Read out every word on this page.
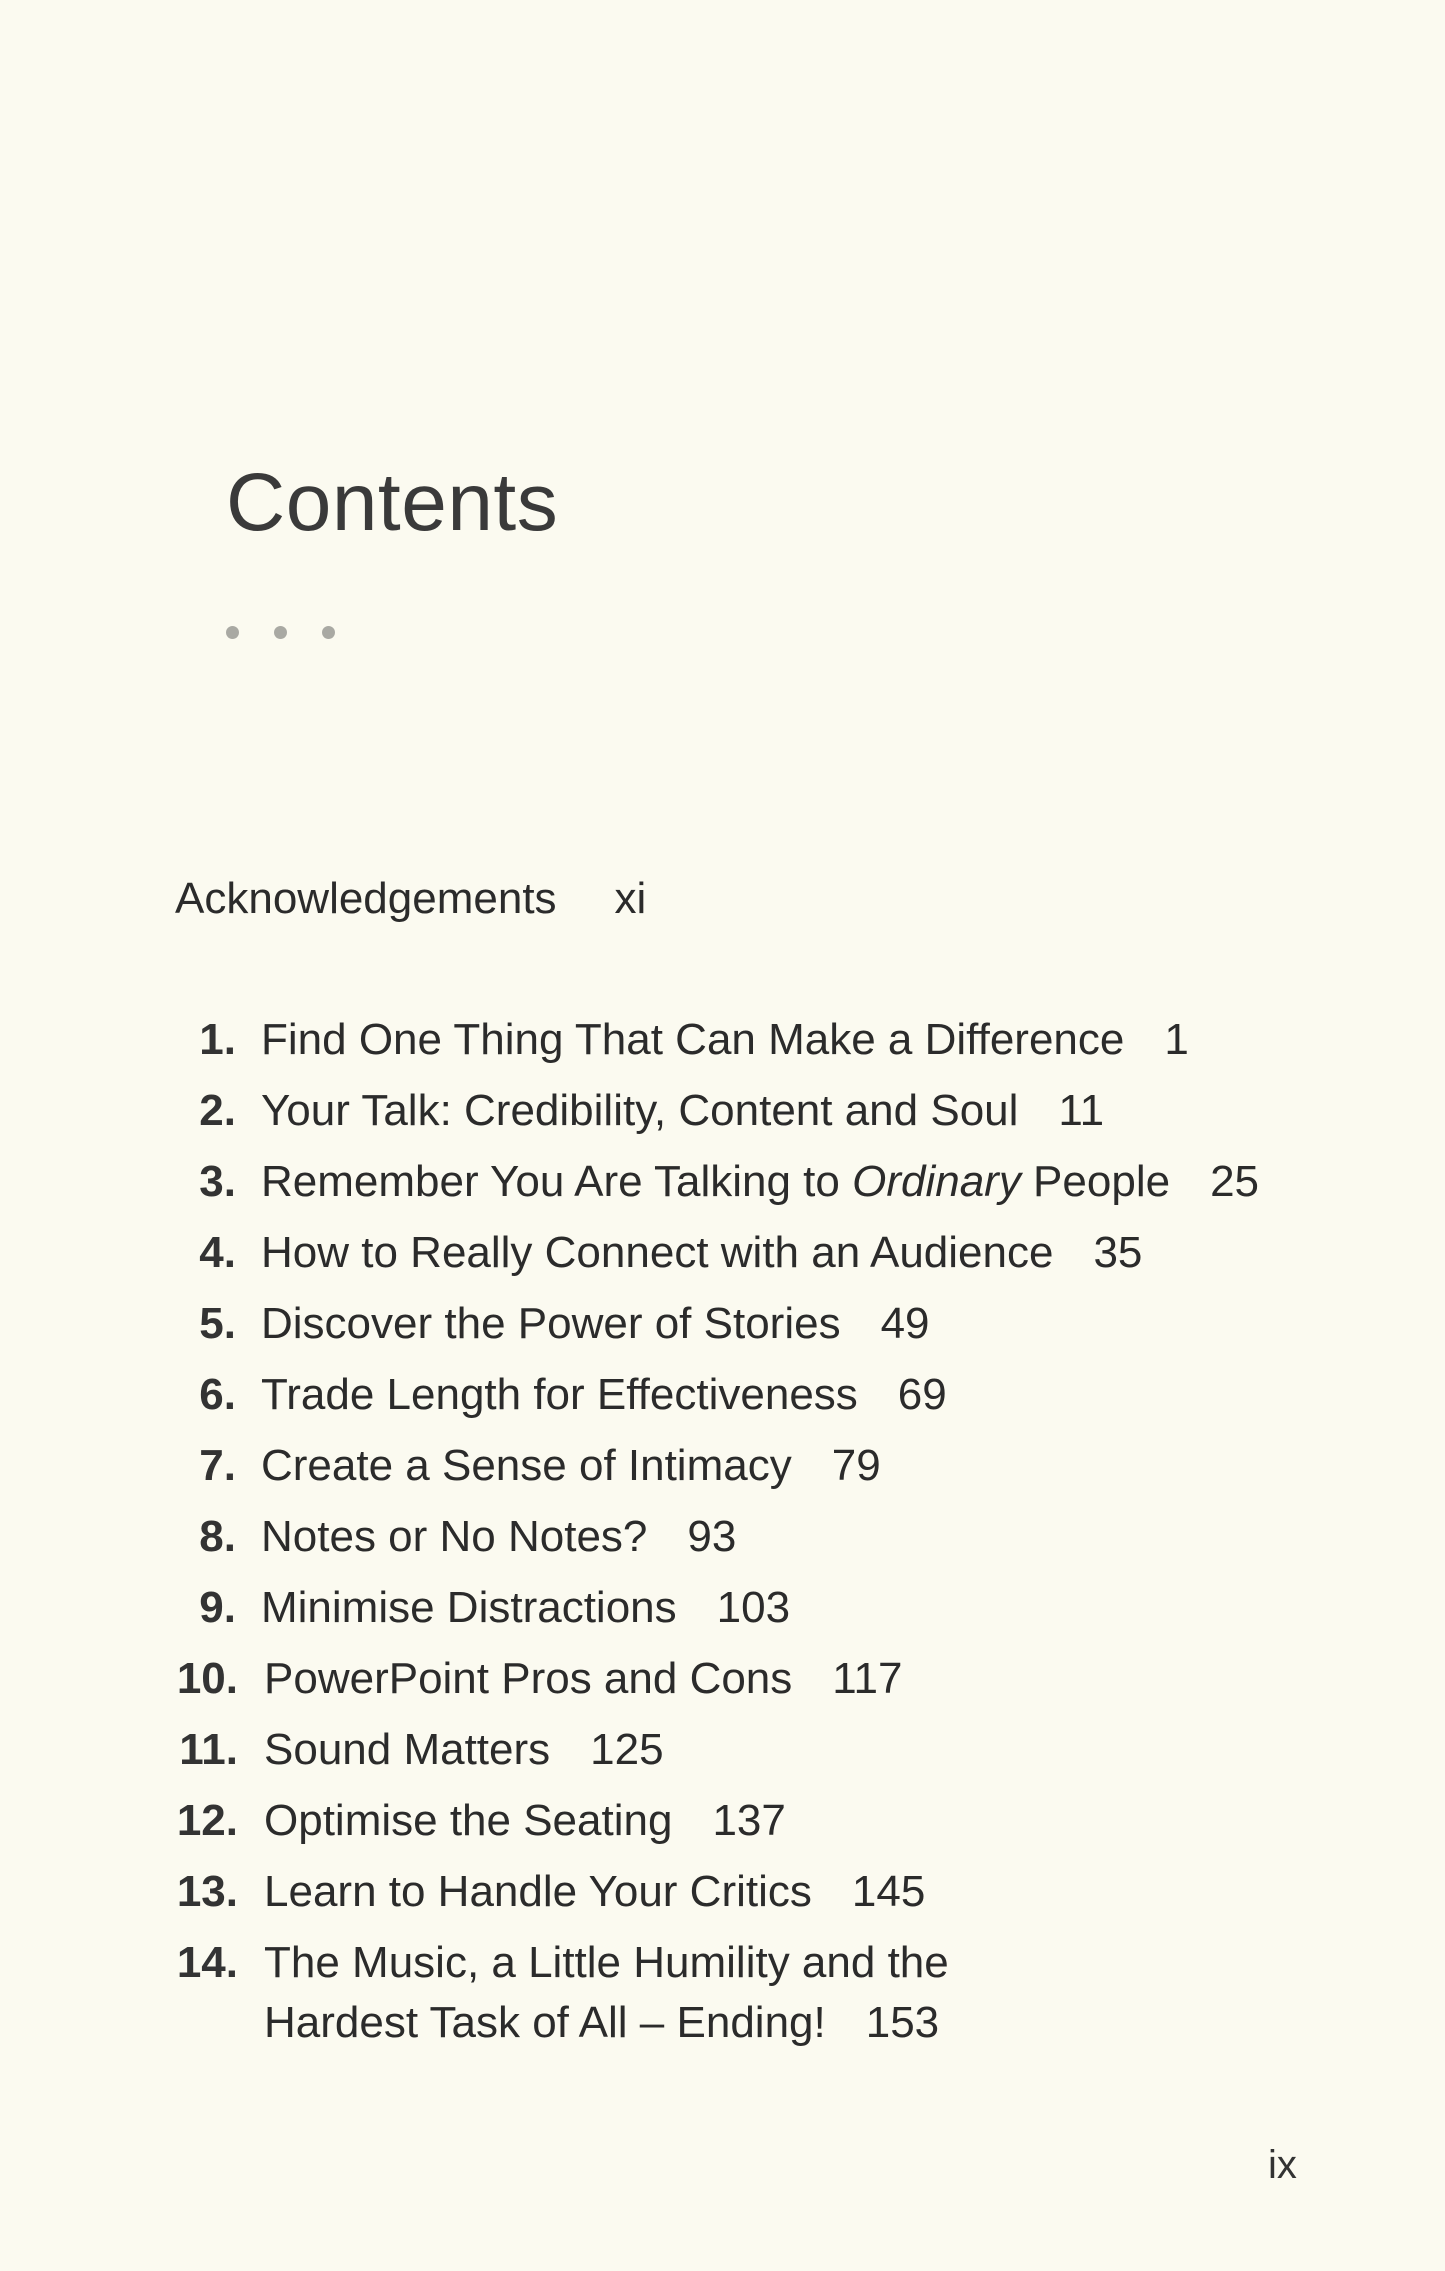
Contents
Acknowledgements xi
1. Find One Thing That Can Make a Difference 1
2. Your Talk: Credibility, Content and Soul 11
3. Remember You Are Talking to Ordinary People 25
4. How to Really Connect with an Audience 35
5. Discover the Power of Stories 49
6. Trade Length for Effectiveness 69
7. Create a Sense of Intimacy 79
8. Notes or No Notes? 93
9. Minimise Distractions 103
10. PowerPoint Pros and Cons 117
11. Sound Matters 125
12. Optimise the Seating 137
13. Learn to Handle Your Critics 145
14. The Music, a Little Humility and the
Hardest Task of All – Ending! 153
ix
